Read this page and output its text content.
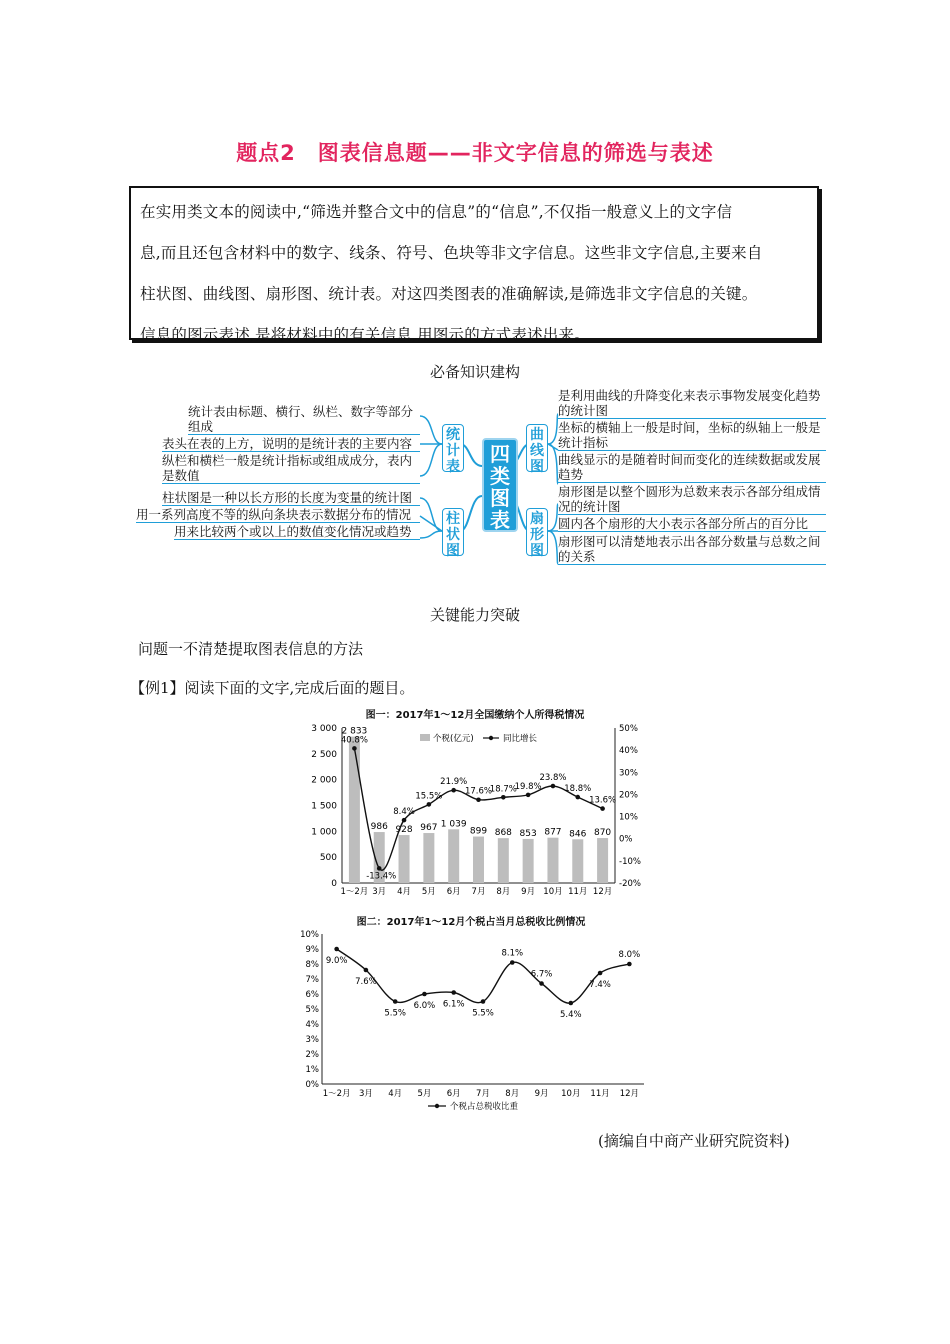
题点2　图表信息题——非文字信息的筛选与表述

在实用类文本的阅读中,“筛选并整合文中的信息”的“信息”,不仅指一般意义上的文字信

息,而且还包含材料中的数字、线条、符号、色块等非文字信息。这些非文字信息,主要来自

柱状图、曲线图、扇形图、统计表。对这四类图表的准确解读,是筛选非文字信息的关键。

信息的图示表述,是将材料中的有关信息,用图示的方式表述出来。

必备知识建构
四类图表
统计表
柱状图
曲线图
扇形图
统计表由标题、横行、纵栏、数字等部分组成
表头在表的上方，说明的是统计表的主要内容
纵栏和横栏一般是统计指标或组成成分，表内是数值
柱状图是一种以长方形的长度为变量的统计图
用一系列高度不等的纵向条块表示数据分布的情况
用来比较两个或以上的数值变化情况或趋势
是利用曲线的升降变化来表示事物发展变化趋势的统计图
坐标的横轴上一般是时间，坐标的纵轴上一般是统计指标
曲线显示的是随着时间而变化的连续数据或发展趋势
扇形图是以整个圆形为总数来表示各部分组成情况的统计图
圆内各个扇形的大小表示各部分所占的百分比
扇形图可以清楚地表示出各部分数量与总数之间的关系
关键能力突破
问题一不清楚提取图表信息的方法
【例1】阅读下面的文字,完成后面的题目。
图一：2017年1～12月全国缴纳个人所得税情况
0
500
1 000
1 500
2 000
2 500
3 000
-20%
-10%
0%
10%
20%
30%
40%
50%
2 833
1～2月
986
3月
928
4月
967
5月
1 039
6月
899
7月
868
8月
853
9月
877
10月
846
11月
870
12月
40.8%
-13.4%
8.4%
15.5%
21.9%
17.6%
18.7%
19.8%
23.8%
18.8%
13.6%
个税(亿元)	同比增长
图二：2017年1～12月个税占当月总税收比例情况
0%
1%
2%
3%
4%
5%
6%
7%
8%
9%
10%
1～2月 3月 4月 5月 6月 7月 8月 9月 10月 11月 12月
9.0%
7.6%
5.5%
6.0% 6.1%
5.5%
8.1%
6.7%
5.4%
7.4%
8.0%
个税占总税收比重
(摘编自中商产业研究院资料)
